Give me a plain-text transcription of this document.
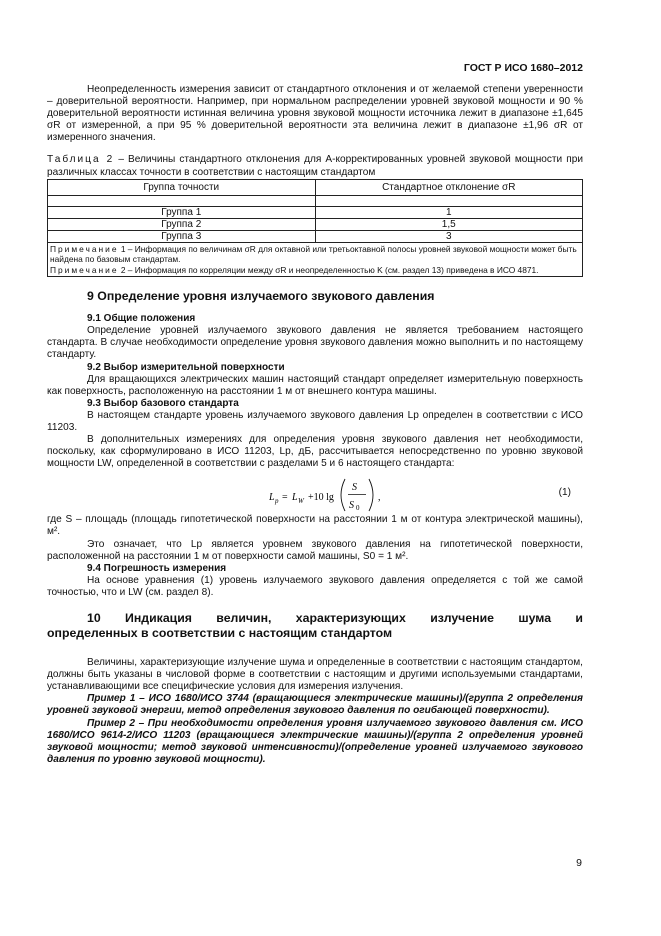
ГОСТ Р ИСО 1680–2012

Неопределенность измерения зависит от стандартного отклонения и от желаемой степени уверенности – доверительной вероятности. Например, при нормальном распределении уровней звуковой мощности и 90 % доверительной вероятности истинная величина уровня звуковой мощности источника лежит в диапазоне ±1,645 σR от измеренной, а при 95 % доверительной вероятности эта величина лежит в диапазоне ±1,96 σR от измеренного значения.

Таблица 2 – Величины стандартного отклонения для А-корректированных уровней звуковой мощности при различных классах точности в соответствии с настоящим стандартом

Группа точности	Стандартное отклонение σR

Группа 1	1
Группа 2	1,5
Группа 3	3
Примечание 1 – Информация по величинам σR для октавной или третьоктавной полосы уровней звуковой мощности может быть найдена по базовым стандартам.
Примечание 2 – Информация по корреляции между σR и неопределенностью K (см. раздел 13) приведена в ИСО 4871.	
9 Определение уровня излучаемого звукового давления
9.1 Общие положения

Определение уровней излучаемого звукового давления не является требованием настоящего стандарта. В случае необходимости определение уровня звукового давления можно выполнить и по настоящему стандарту.

9.2 Выбор измерительной поверхности

Для вращающихся электрических машин настоящий стандарт определяет измерительную поверхность как поверхность, расположенную на расстоянии 1 м от внешнего контура машины.

9.3 Выбор базового стандарта

В настоящем стандарте уровень излучаемого звукового давления Lp определен в соответствии с ИСО 11203.

В дополнительных измерениях для определения уровня звукового давления нет необходимости, поскольку, как сформулировано в ИСО 11203, Lp, дБ, рассчитывается непосредственно по уровню звуковой мощности LW, определенной в соответствии с разделами 5 и 6 настоящего стандарта:

L p = L W +10 lg
S
S 0
,	(1)

где S – площадь (площадь гипотетической поверхности на расстоянии 1 м от контура электрической машины), м².

Это означает, что Lp является уровнем звукового давления на гипотетической поверхности, расположенной на расстоянии 1 м от поверхности самой машины, S0 = 1 м².

9.4 Погрешность измерения

На основе уравнения (1) уровень излучаемого звукового давления определяется с той же самой точностью, что и LW (см. раздел 8).

10 Индикация величин, характеризующих излучение шума и
определенных в соответствии с настоящим стандартом

Величины, характеризующие излучение шума и определенные в соответствии с настоящим стандартом, должны быть указаны в числовой форме в соответствии с настоящим и другими используемыми стандартами, устанавливающими все специфические условия для измерения излучения.

Пример 1 – ИСО 1680/ИСО 3744 (вращающиеся электрические машины)/(группа 2 определения уровней звуковой энергии, метод определения звукового давления по огибающей поверхности).

Пример 2 – При необходимости определения уровня излучаемого звукового давления см. ИСО 1680/ИСО 9614-2/ИСО 11203 (вращающиеся электрические машины)/(группа 2 определения уровней звуковой мощности; метод звуковой интенсивности)/(определение уровней излучаемого звукового давления по уровню звуковой мощности).

9
